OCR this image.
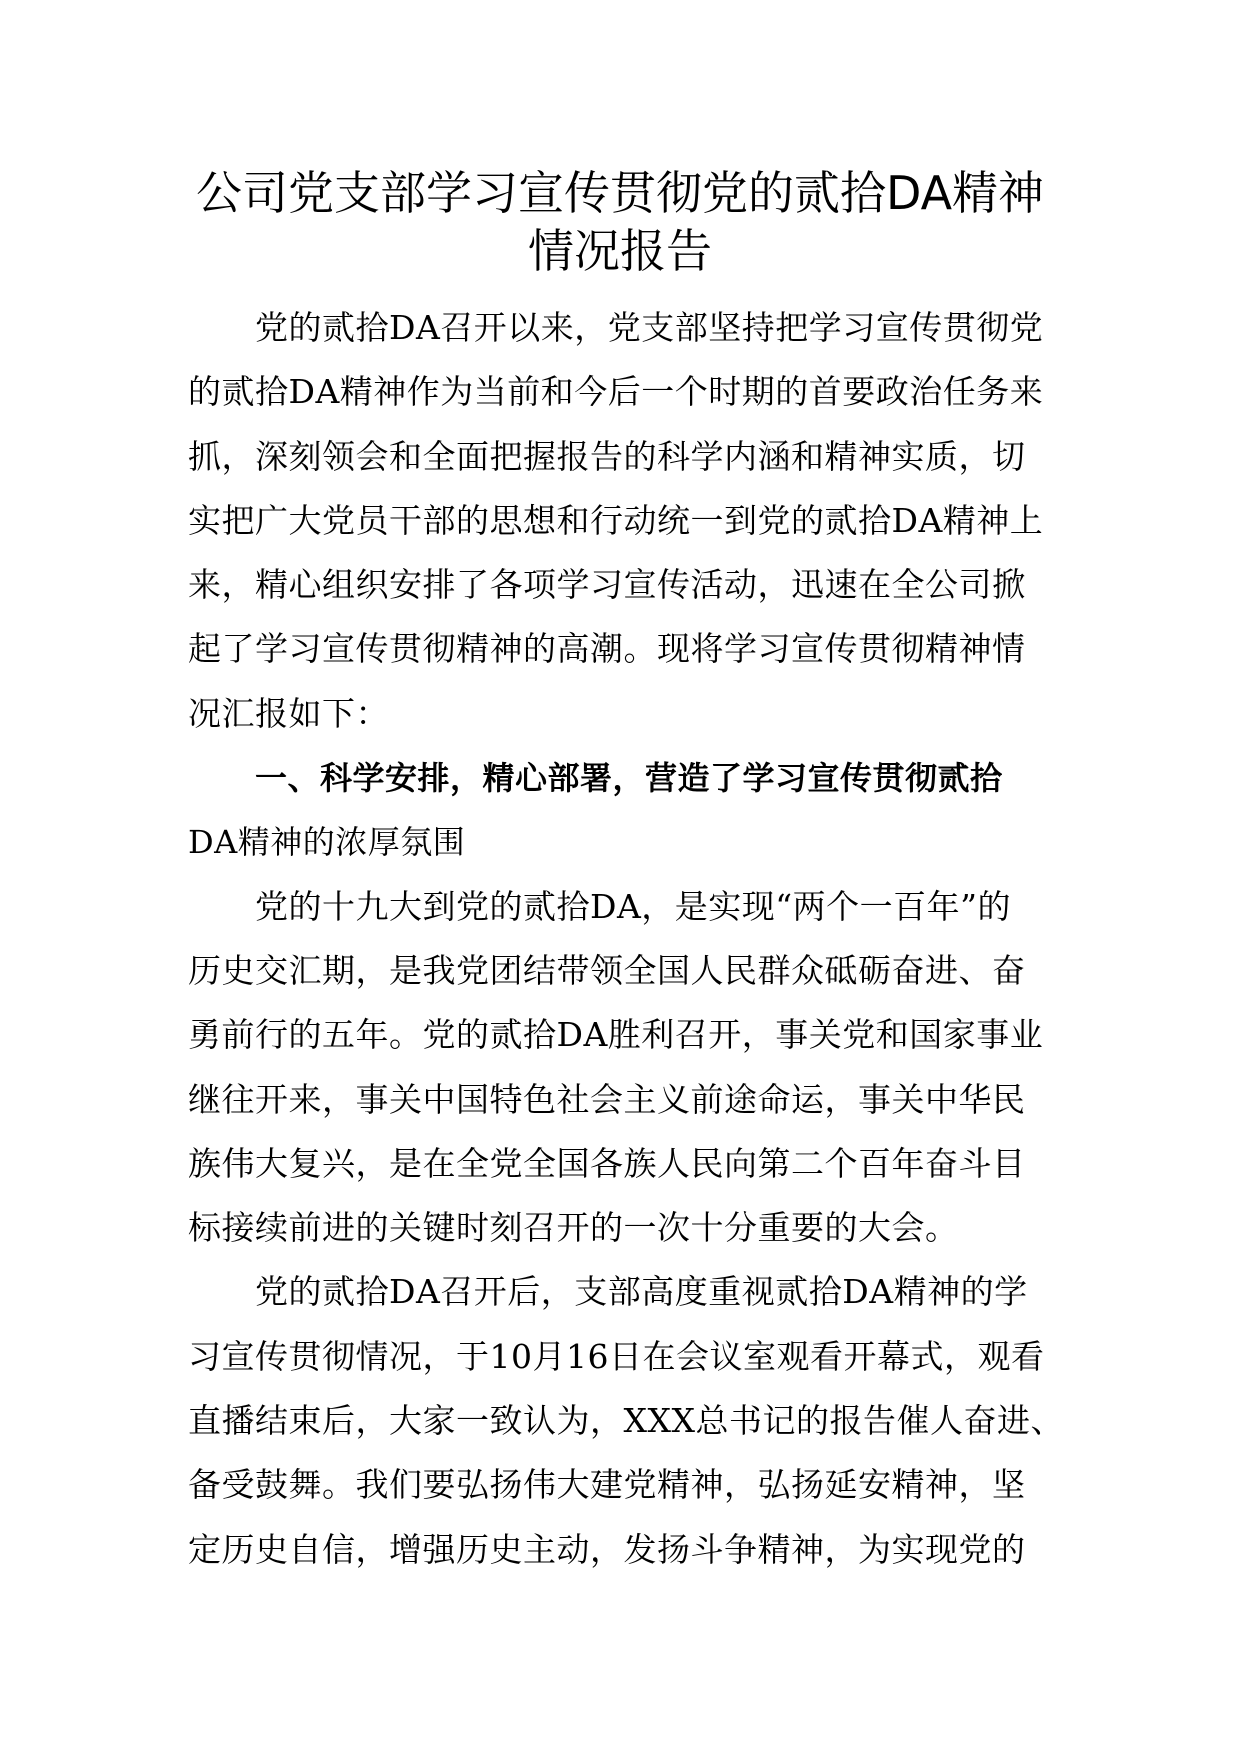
公司党支部学习宣传贯彻党的贰拾DA精神
情况报告
党的贰拾DA召开以来，党支部坚持把学习宣传贯彻党
的贰拾DA精神作为当前和今后一个时期的首要政治任务来
抓，深刻领会和全面把握报告的科学内涵和精神实质，切
实把广大党员干部的思想和行动统一到党的贰拾DA精神上
来，精心组织安排了各项学习宣传活动，迅速在全公司掀
起了学习宣传贯彻精神的高潮。现将学习宣传贯彻精神情
况汇报如下：
一、科学安排，精心部署，营造了学习宣传贯彻贰拾
DA精神的浓厚氛围
党的十九大到党的贰拾DA，是实现“两个一百年”的
历史交汇期，是我党团结带领全国人民群众砥砺奋进、奋
勇前行的五年。党的贰拾DA胜利召开，事关党和国家事业
继往开来，事关中国特色社会主义前途命运，事关中华民
族伟大复兴，是在全党全国各族人民向第二个百年奋斗目
标接续前进的关键时刻召开的一次十分重要的大会。
党的贰拾DA召开后，支部高度重视贰拾DA精神的学
习宣传贯彻情况，于10月16日在会议室观看开幕式，观看
直播结束后，大家一致认为，XXX总书记的报告催人奋进、
备受鼓舞。我们要弘扬伟大建党精神，弘扬延安精神，坚
定历史自信，增强历史主动，发扬斗争精神，为实现党的
